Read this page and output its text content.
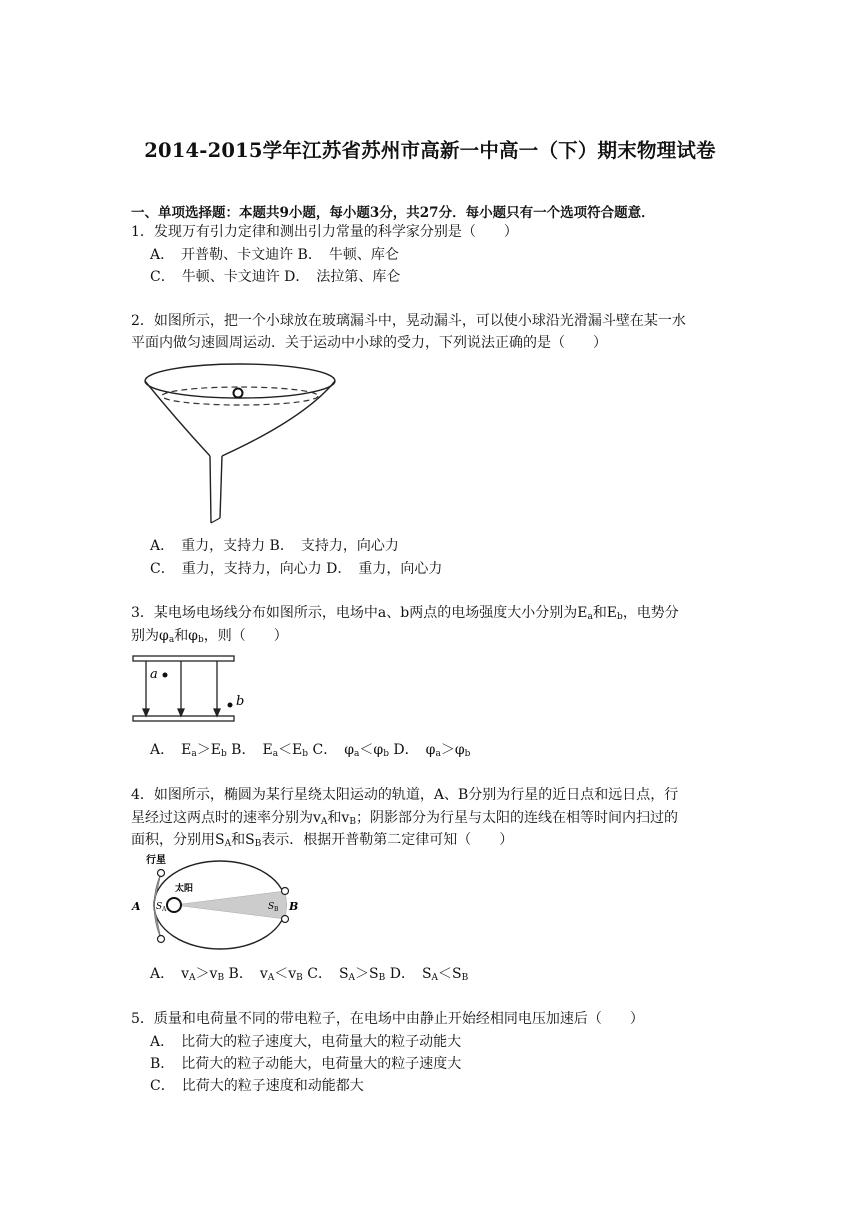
2014-2015学年江苏省苏州市高新一中高一（下）期末物理试卷
一、单项选择题：本题共9小题，每小题3分，共27分．每小题只有一个选项符合题意．
1．发现万有引力定律和测出引力常量的科学家分别是（　　）
A．　开普勒、卡文迪许 B．　牛顿、库仑
C．　牛顿、卡文迪许 D．　法拉第、库仑
2．如图所示，把一个小球放在玻璃漏斗中，晃动漏斗，可以使小球沿光滑漏斗壁在某一水
平面内做匀速圆周运动．关于运动中小球的受力，下列说法正确的是（　　）
A．　重力，支持力 B．　支持力，向心力
C．　重力，支持力，向心力 D．　重力，向心力
3．某电场电场线分布如图所示，电场中a、b两点的电场强度大小分别为$E_a$和$E_b$，电势分
别为$\varphi_a$和$\varphi_b$，则（　　）
a
b
A．　$E_a>E_b$ B．　$E_a<E_b$ C．　$\varphi_a<\varphi_b$ D．　$\varphi_a>\varphi_b$
4．如图所示，椭圆为某行星绕太阳运动的轨道，A、B分别为行星的近日点和远日点，行
星经过这两点时的速率分别为$v_A$和$v_B$；阴影部分为行星与太阳的连线在相等时间内扫过的
面积，分别用$S_A$和$S_B$表示．根据开普勒第二定律可知（　　）
行星
太阳
A	B
S A	S B
A．　$v_A>v_B$ B．　$v_A<v_B$ C．　$S_A>S_B$ D．　$S_A<S_B$
5．质量和电荷量不同的带电粒子，在电场中由静止开始经相同电压加速后（　　）
A．　比荷大的粒子速度大，电荷量大的粒子动能大
B．　比荷大的粒子动能大，电荷量大的粒子速度大
C．　比荷大的粒子速度和动能都大
